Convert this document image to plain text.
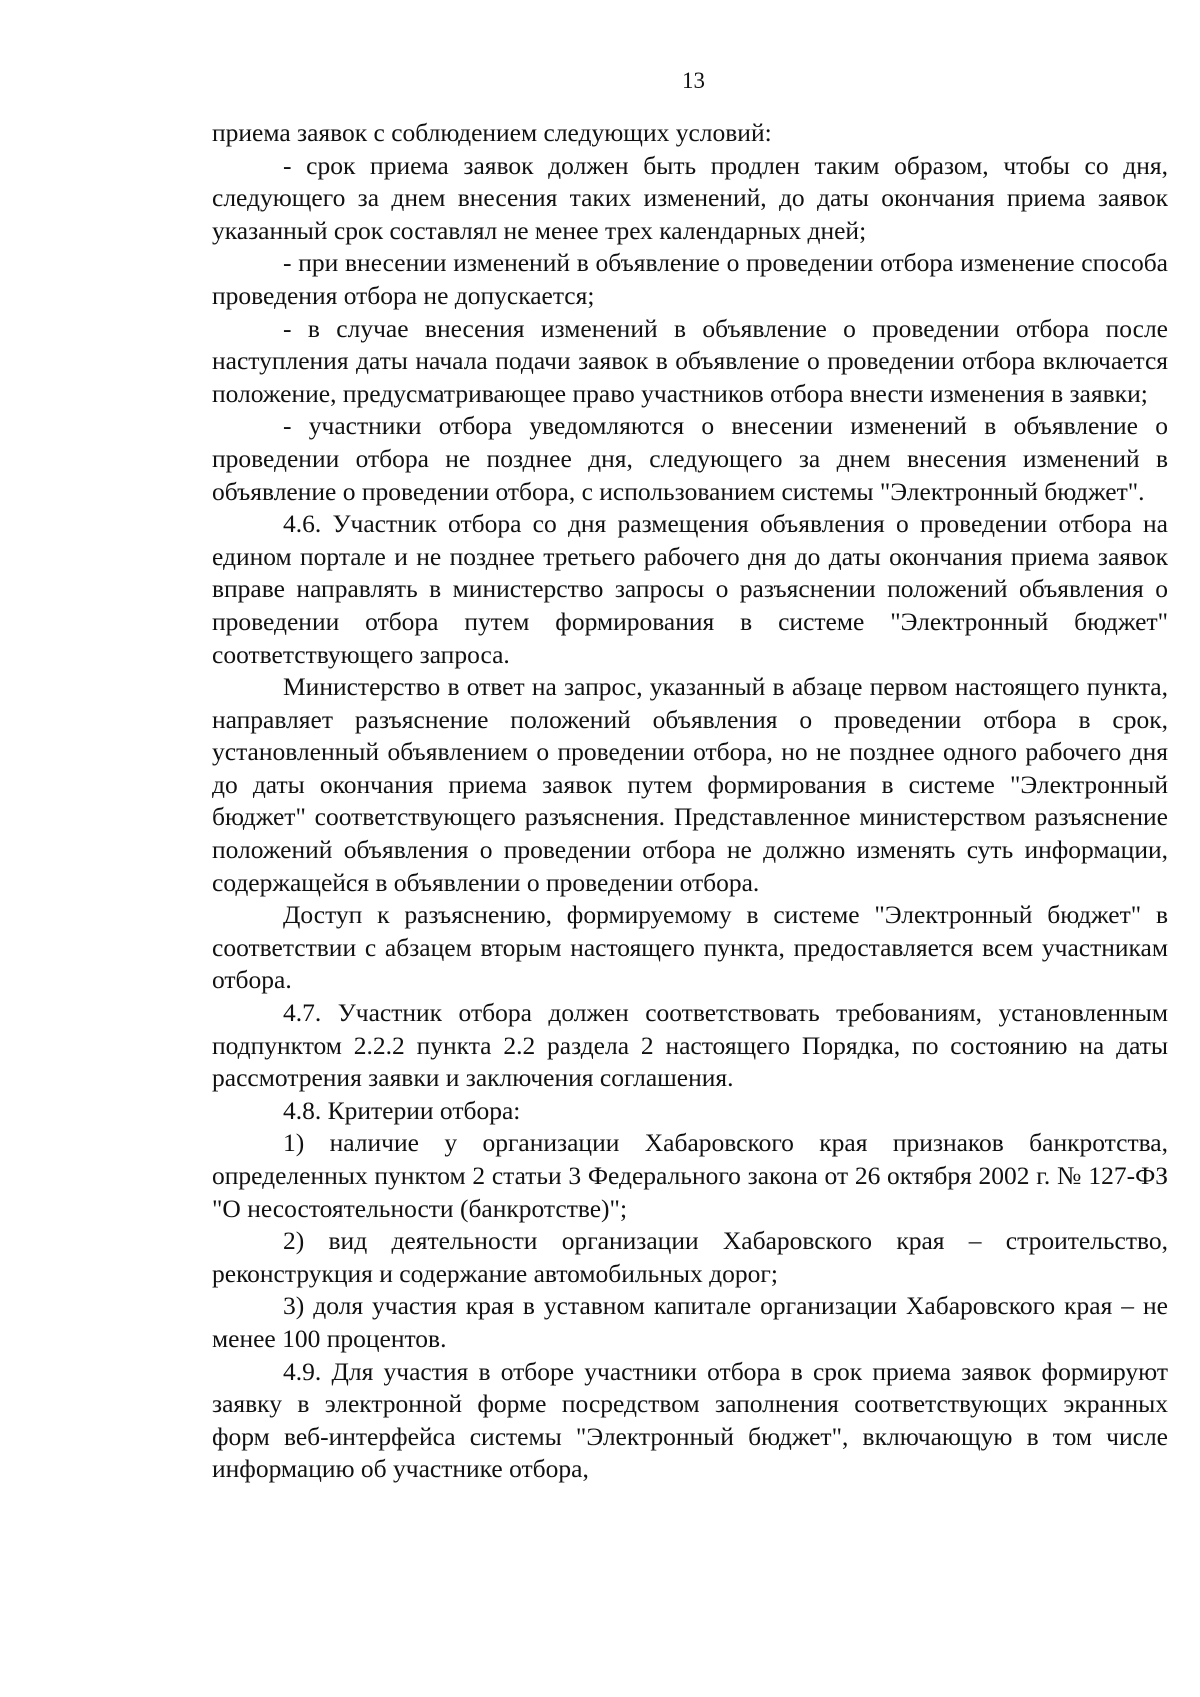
13

приема заявок с соблюдением следующих условий:

- срок приема заявок должен быть продлен таким образом, чтобы со дня, следующего за днем внесения таких изменений, до даты окончания приема заявок указанный срок составлял не менее трех календарных дней;

- при внесении изменений в объявление о проведении отбора изменение способа проведения отбора не допускается;

- в случае внесения изменений в объявление о проведении отбора после наступления даты начала подачи заявок в объявление о проведении отбора включается положение, предусматривающее право участников отбора внести изменения в заявки;

- участники отбора уведомляются о внесении изменений в объявление о проведении отбора не позднее дня, следующего за днем внесения изменений в объявление о проведении отбора, с использованием системы "Электронный бюджет".

4.6. Участник отбора со дня размещения объявления о проведении отбора на едином портале и не позднее третьего рабочего дня до даты окончания приема заявок вправе направлять в министерство запросы о разъяснении положений объявления о проведении отбора путем формирования в системе "Электронный бюджет" соответствующего запроса.

Министерство в ответ на запрос, указанный в абзаце первом настоящего пункта, направляет разъяснение положений объявления о проведении отбора в срок, установленный объявлением о проведении отбора, но не позднее одного рабочего дня до даты окончания приема заявок путем формирования в системе "Электронный бюджет" соответствующего разъяснения. Представленное министерством разъяснение положений объявления о проведении отбора не должно изменять суть информации, содержащейся в объявлении о проведении отбора.

Доступ к разъяснению, формируемому в системе "Электронный бюджет" в соответствии с абзацем вторым настоящего пункта, предоставляется всем участникам отбора.

4.7. Участник отбора должен соответствовать требованиям, установленным подпунктом 2.2.2 пункта 2.2 раздела 2 настоящего Порядка, по состоянию на даты рассмотрения заявки и заключения соглашения.

4.8. Критерии отбора:

1) наличие у организации Хабаровского края признаков банкротства, определенных пунктом 2 статьи 3 Федерального закона от 26 октября 2002 г. № 127-ФЗ "О несостоятельности (банкротстве)";

2) вид деятельности организации Хабаровского края – строительство, реконструкция и содержание автомобильных дорог;

3) доля участия края в уставном капитале организации Хабаровского края – не менее 100 процентов.

4.9. Для участия в отборе участники отбора в срок приема заявок формируют заявку в электронной форме посредством заполнения соответствующих экранных форм веб-интерфейса системы "Электронный бюджет", включающую в том числе информацию об участнике отбора,
